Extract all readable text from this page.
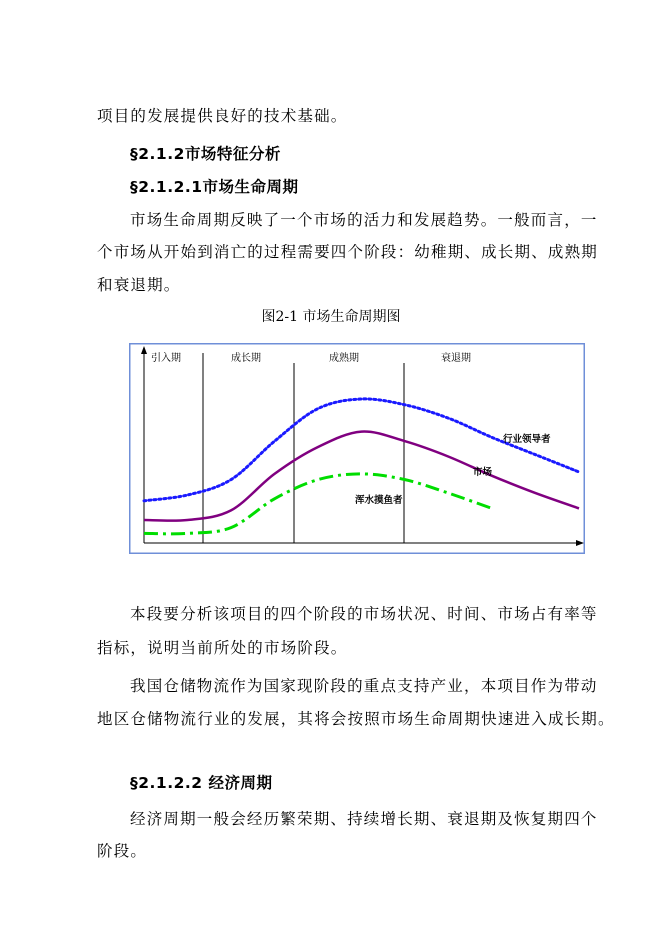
项目的发展提供良好的技术基础。
§2.1.2市场特征分析
§2.1.2.1市场生命周期
市场生命周期反映了一个市场的活力和发展趋势。一般而言，一
个市场从开始到消亡的过程需要四个阶段：幼稚期、成长期、成熟期
和衰退期。
图2-1 市场生命周期图
引入期	成长期	成熟期	衰退期
行业领导者
市场
浑水摸鱼者
本段要分析该项目的四个阶段的市场状况、时间、市场占有率等
指标，说明当前所处的市场阶段。
我国仓储物流作为国家现阶段的重点支持产业，本项目作为带动
地区仓储物流行业的发展，其将会按照市场生命周期快速进入成长期。
§2.1.2.2 经济周期
经济周期一般会经历繁荣期、持续增长期、衰退期及恢复期四个
阶段。
